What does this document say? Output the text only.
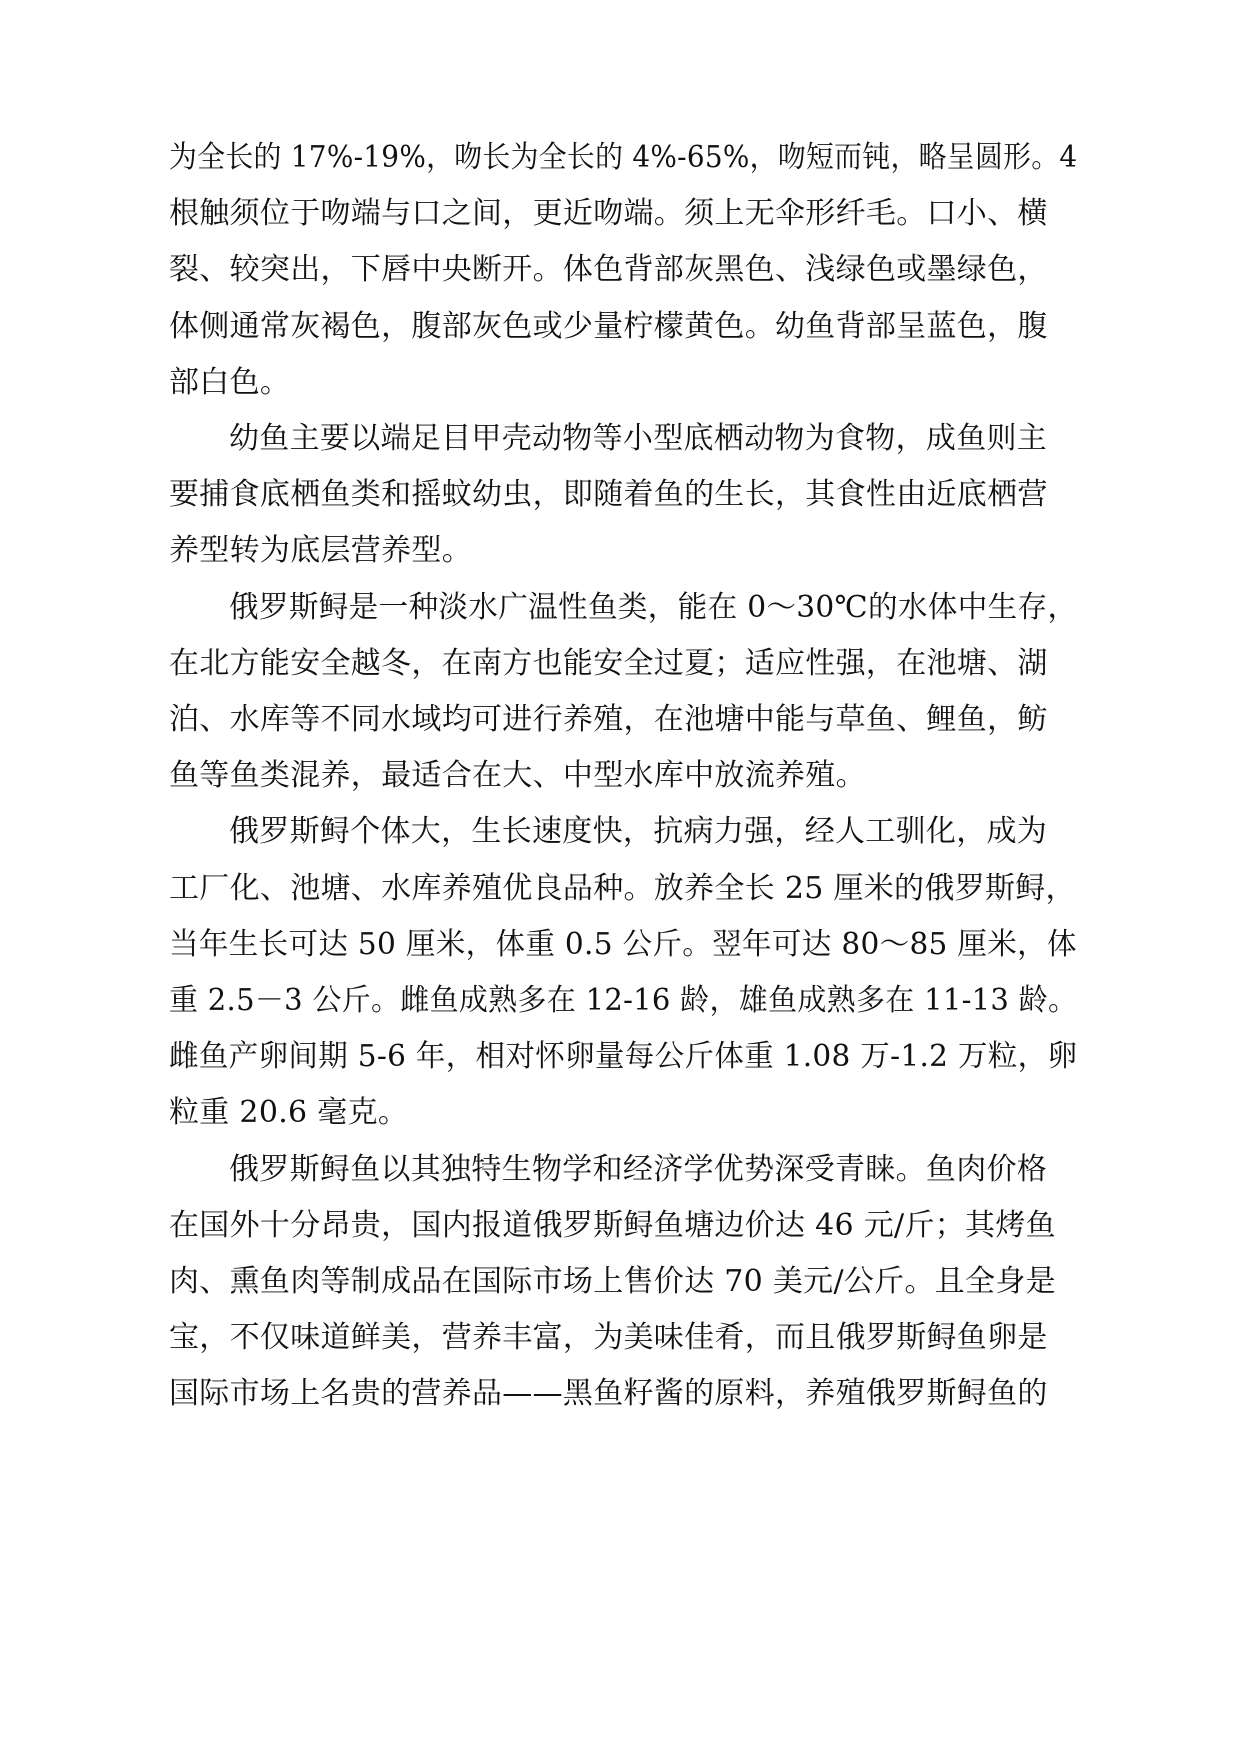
为全长的 17%-19%，吻长为全长的 4%-65%，吻短而钝，略呈圆形。4
根触须位于吻端与口之间，更近吻端。须上无伞形纤毛。口小、横
裂、较突出，下唇中央断开。体色背部灰黑色、浅绿色或墨绿色，
体侧通常灰褐色，腹部灰色或少量柠檬黄色。幼鱼背部呈蓝色，腹
部白色。
幼鱼主要以端足目甲壳动物等小型底栖动物为食物，成鱼则主
要捕食底栖鱼类和摇蚊幼虫，即随着鱼的生长，其食性由近底栖营
养型转为底层营养型。
俄罗斯鲟是一种淡水广温性鱼类，能在 0～30℃的水体中生存，
在北方能安全越冬，在南方也能安全过夏；适应性强，在池塘、湖
泊、水库等不同水域均可进行养殖，在池塘中能与草鱼、鲤鱼，鲂
鱼等鱼类混养，最适合在大、中型水库中放流养殖。
俄罗斯鲟个体大，生长速度快，抗病力强，经人工驯化，成为
工厂化、池塘、水库养殖优良品种。放养全长 25 厘米的俄罗斯鲟，
当年生长可达 50 厘米，体重 0.5 公斤。翌年可达 80～85 厘米，体
重 2.5－3 公斤。雌鱼成熟多在 12-16 龄，雄鱼成熟多在 11-13 龄。
雌鱼产卵间期 5-6 年，相对怀卵量每公斤体重 1.08 万-1.2 万粒，卵
粒重 20.6 毫克。
俄罗斯鲟鱼以其独特生物学和经济学优势深受青睐。鱼肉价格
在国外十分昂贵，国内报道俄罗斯鲟鱼塘边价达 46 元/斤；其烤鱼
肉、熏鱼肉等制成品在国际市场上售价达 70 美元/公斤。且全身是
宝，不仅味道鲜美，营养丰富，为美味佳肴，而且俄罗斯鲟鱼卵是
国际市场上名贵的营养品——黑鱼籽酱的原料，养殖俄罗斯鲟鱼的
